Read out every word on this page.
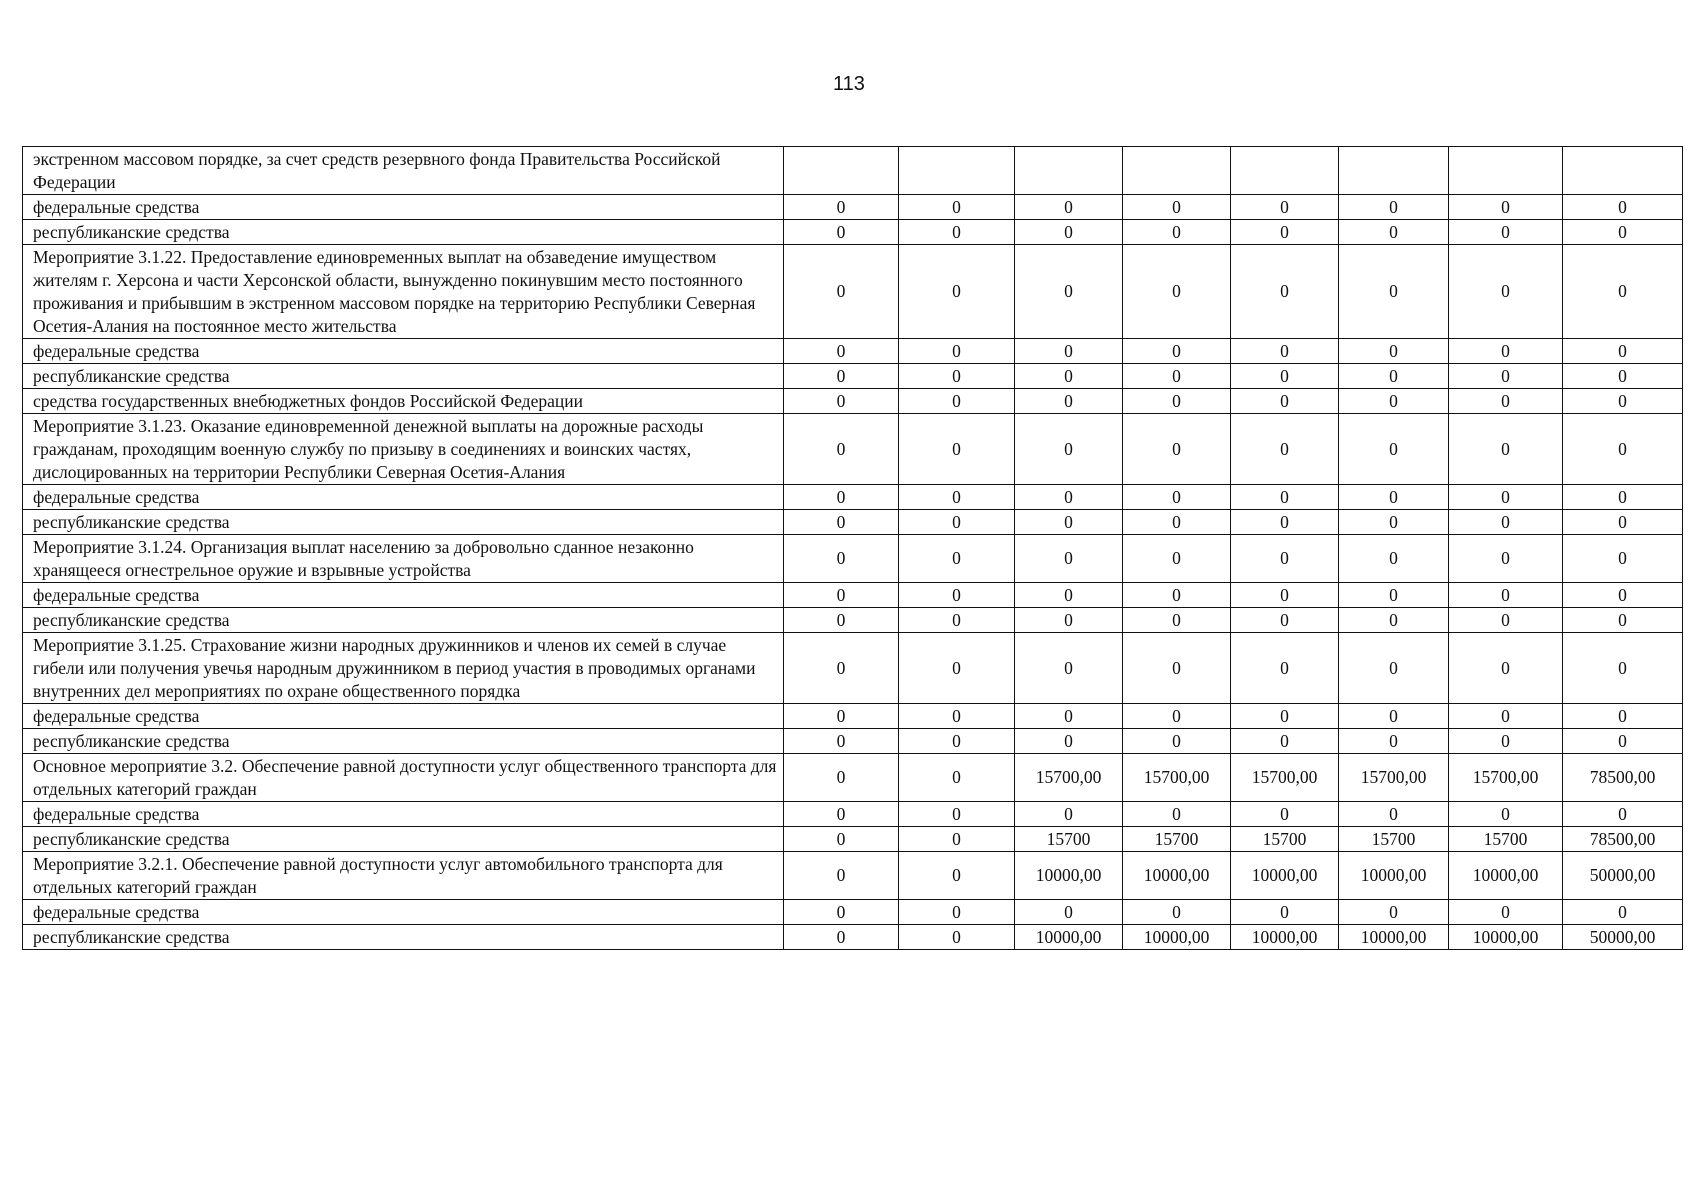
113
экстренном массовом порядке, за счет средств резервного фонда Правительства Российской Федерации								
федеральные средства	0	0	0	0	0	0	0	0
республиканские средства	0	0	0	0	0	0	0	0
Мероприятие 3.1.22. Предоставление единовременных выплат на обзаведение имуществом жителям г. Херсона и части Херсонской области, вынужденно покинувшим место постоянного проживания и прибывшим в экстренном массовом порядке на территорию Республики Северная Осетия-Алания на постоянное место жительства	0	0	0	0	0	0	0	0
федеральные средства	0	0	0	0	0	0	0	0
республиканские средства	0	0	0	0	0	0	0	0
средства государственных внебюджетных фондов Российской Федерации	0	0	0	0	0	0	0	0
Мероприятие 3.1.23. Оказание единовременной денежной выплаты на дорожные расходы гражданам, проходящим военную службу по призыву в соединениях и воинских частях, дислоцированных на территории Республики Северная Осетия-Алания	0	0	0	0	0	0	0	0
федеральные средства	0	0	0	0	0	0	0	0
республиканские средства	0	0	0	0	0	0	0	0
Мероприятие 3.1.24. Организация выплат населению за добровольно сданное незаконно хранящееся огнестрельное оружие и взрывные устройства	0	0	0	0	0	0	0	0
федеральные средства	0	0	0	0	0	0	0	0
республиканские средства	0	0	0	0	0	0	0	0
Мероприятие 3.1.25. Страхование жизни народных дружинников и членов их семей в случае гибели или получения увечья народным дружинником в период участия в проводимых органами внутренних дел мероприятиях по охране общественного порядка	0	0	0	0	0	0	0	0
федеральные средства	0	0	0	0	0	0	0	0
республиканские средства	0	0	0	0	0	0	0	0
Основное мероприятие 3.2. Обеспечение равной доступности услуг общественного транспорта для отдельных категорий граждан	0	0	15700,00	15700,00	15700,00	15700,00	15700,00	78500,00
федеральные средства	0	0	0	0	0	0	0	0
республиканские средства	0	0	15700	15700	15700	15700	15700	78500,00
Мероприятие 3.2.1. Обеспечение равной доступности услуг автомобильного транспорта для отдельных категорий граждан	0	0	10000,00	10000,00	10000,00	10000,00	10000,00	50000,00
федеральные средства	0	0	0	0	0	0	0	0
республиканские средства	0	0	10000,00	10000,00	10000,00	10000,00	10000,00	50000,00
